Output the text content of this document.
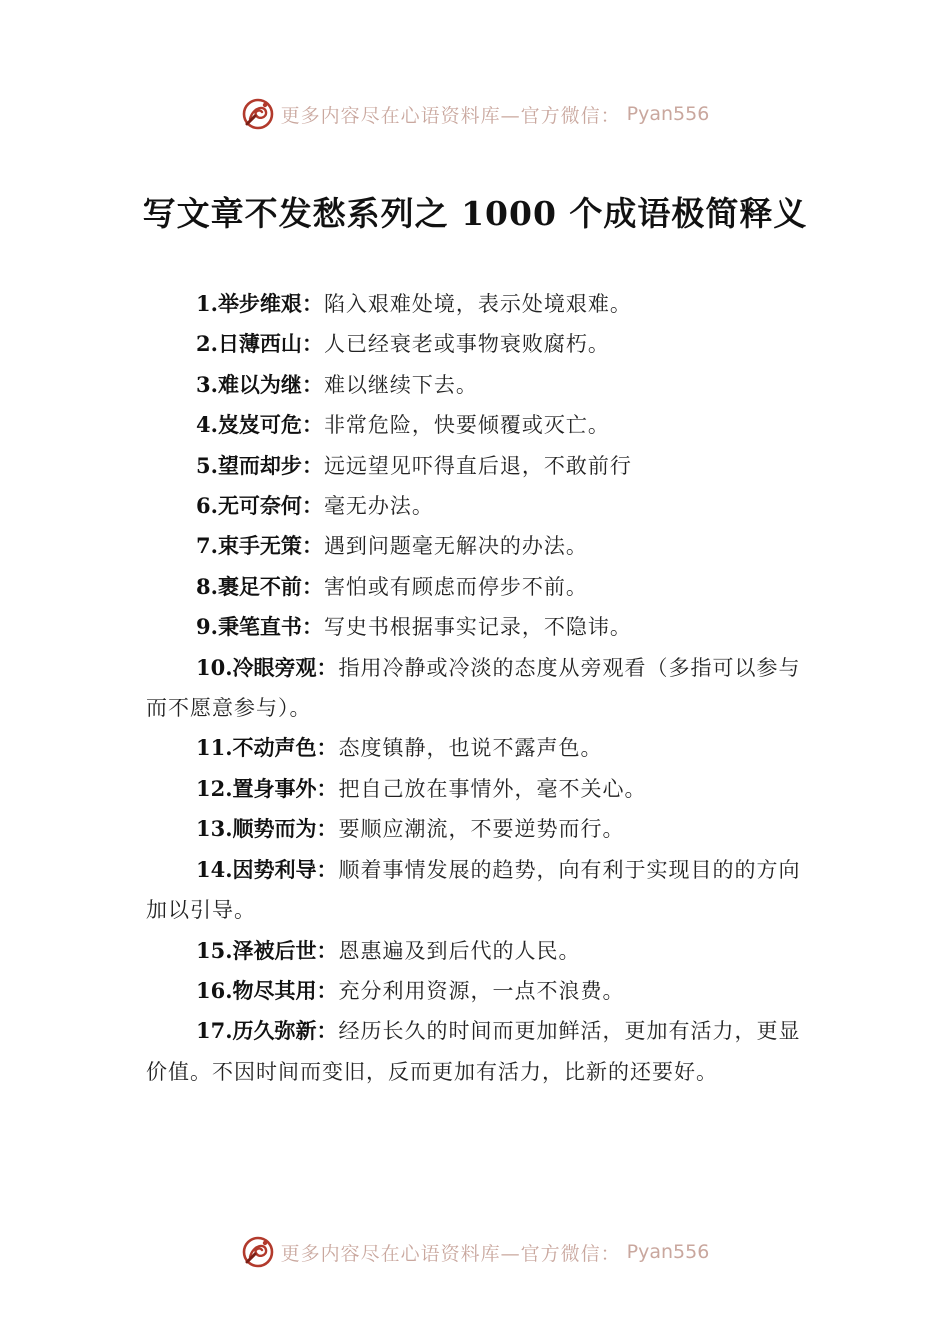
更多内容尽在心语资料库—官方微信： Pyan556
写文章不发愁系列之 1000 个成语极简释义

1.举步维艰：陷入艰难处境，表示处境艰难。

2.日薄西山：人已经衰老或事物衰败腐朽。

3.难以为继：难以继续下去。

4.岌岌可危：非常危险，快要倾覆或灭亡。

5.望而却步：远远望见吓得直后退，不敢前行

6.无可奈何：毫无办法。

7.束手无策：遇到问题毫无解决的办法。

8.裹足不前：害怕或有顾虑而停步不前。

9.秉笔直书：写史书根据事实记录，不隐讳。

10.冷眼旁观：指用冷静或冷淡的态度从旁观看（多指可以参与而不愿意参与）。

11.不动声色：态度镇静，也说不露声色。

12.置身事外：把自己放在事情外，毫不关心。

13.顺势而为：要顺应潮流，不要逆势而行。

14.因势利导：顺着事情发展的趋势，向有利于实现目的的方向加以引导。

15.泽被后世：恩惠遍及到后代的人民。

16.物尽其用：充分利用资源，一点不浪费。

17.历久弥新：经历长久的时间而更加鲜活，更加有活力，更显价值。不因时间而变旧，反而更加有活力，比新的还要好。

更多内容尽在心语资料库—官方微信： Pyan556
